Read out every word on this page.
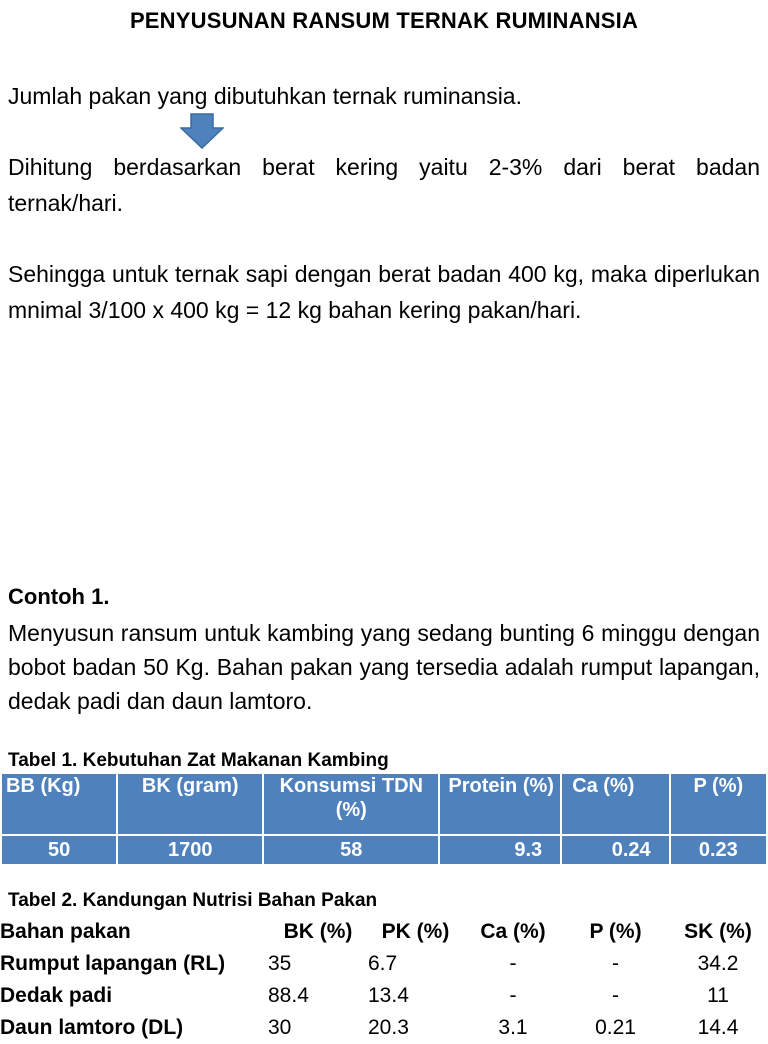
PENYUSUNAN RANSUM TERNAK RUMINANSIA
Jumlah pakan yang dibutuhkan ternak ruminansia.
Dihitung berdasarkan berat kering yaitu 2-3% dari berat badan ternak/hari.
Sehingga untuk ternak sapi dengan berat badan 400 kg, maka diperlukan mnimal 3/100 x 400 kg = 12 kg bahan kering pakan/hari.
Contoh 1.
Menyusun ransum untuk kambing yang sedang bunting 6 minggu dengan bobot badan 50 Kg. Bahan pakan yang tersedia adalah rumput lapangan, dedak padi dan daun lamtoro.
Tabel 1. Kebutuhan Zat Makanan Kambing
BB (Kg)	BK (gram)	Konsumsi TDN (%)	Protein (%)	Ca (%)	P (%)
50	1700	58	9.3	0.24	0.23
Tabel 2. Kandungan Nutrisi Bahan Pakan
Bahan pakan	BK (%)	PK (%)	Ca (%)	P (%)	SK (%)
Rumput lapangan (RL)	35	6.7	-	-	34.2
Dedak padi	88.4	13.4	-	-	11
Daun lamtoro (DL)	30	20.3	3.1	0.21	14.4
